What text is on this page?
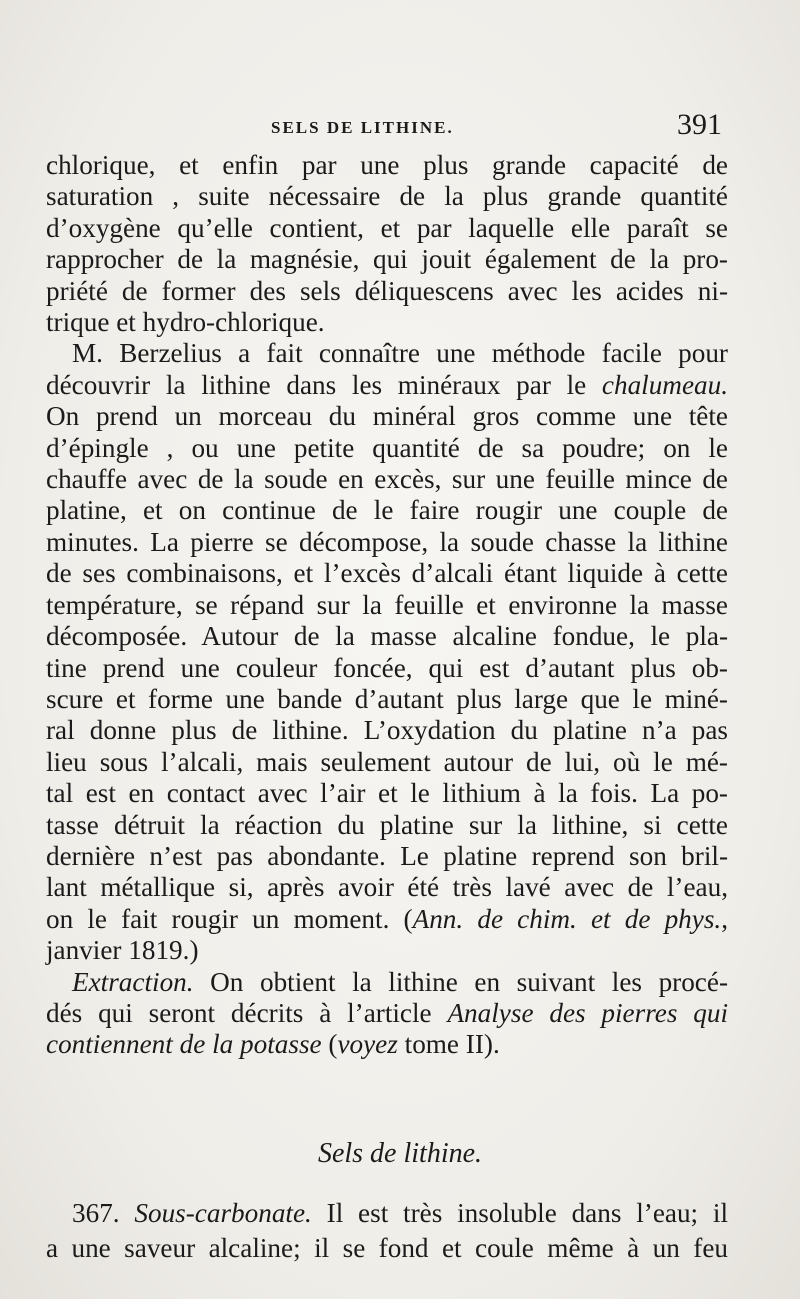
SELS DE LITHINE.	391

chlorique, et enfin par une plus grande capacité de

saturation , suite nécessaire de la plus grande quantité

d’oxygène qu’elle contient, et par laquelle elle paraît se

rapprocher de la magnésie, qui jouit également de la pro-

priété de former des sels déliquescens avec les acides ni-

trique et hydro-chlorique.

M. Berzelius a fait connaître une méthode facile pour

découvrir la lithine dans les minéraux par le chalumeau.

On prend un morceau du minéral gros comme une tête

d’épingle , ou une petite quantité de sa poudre; on le

chauffe avec de la soude en excès, sur une feuille mince de

platine, et on continue de le faire rougir une couple de

minutes. La pierre se décompose, la soude chasse la lithine

de ses combinaisons, et l’excès d’alcali étant liquide à cette

température, se répand sur la feuille et environne la masse

décomposée. Autour de la masse alcaline fondue, le pla-

tine prend une couleur foncée, qui est d’autant plus ob-

scure et forme une bande d’autant plus large que le miné-

ral donne plus de lithine. L’oxydation du platine n’a pas

lieu sous l’alcali, mais seulement autour de lui, où le mé-

tal est en contact avec l’air et le lithium à la fois. La po-

tasse détruit la réaction du platine sur la lithine, si cette

dernière n’est pas abondante. Le platine reprend son bril-

lant métallique si, après avoir été très lavé avec de l’eau,

on le fait rougir un moment. (Ann. de chim. et de phys.,

janvier 1819.)

Extraction. On obtient la lithine en suivant les procé-

dés qui seront décrits à l’article Analyse des pierres qui

contiennent de la potasse (voyez tome II).

Sels de lithine.

367. Sous-carbonate. Il est très insoluble dans l’eau; il

a une saveur alcaline; il se fond et coule même à un feu
